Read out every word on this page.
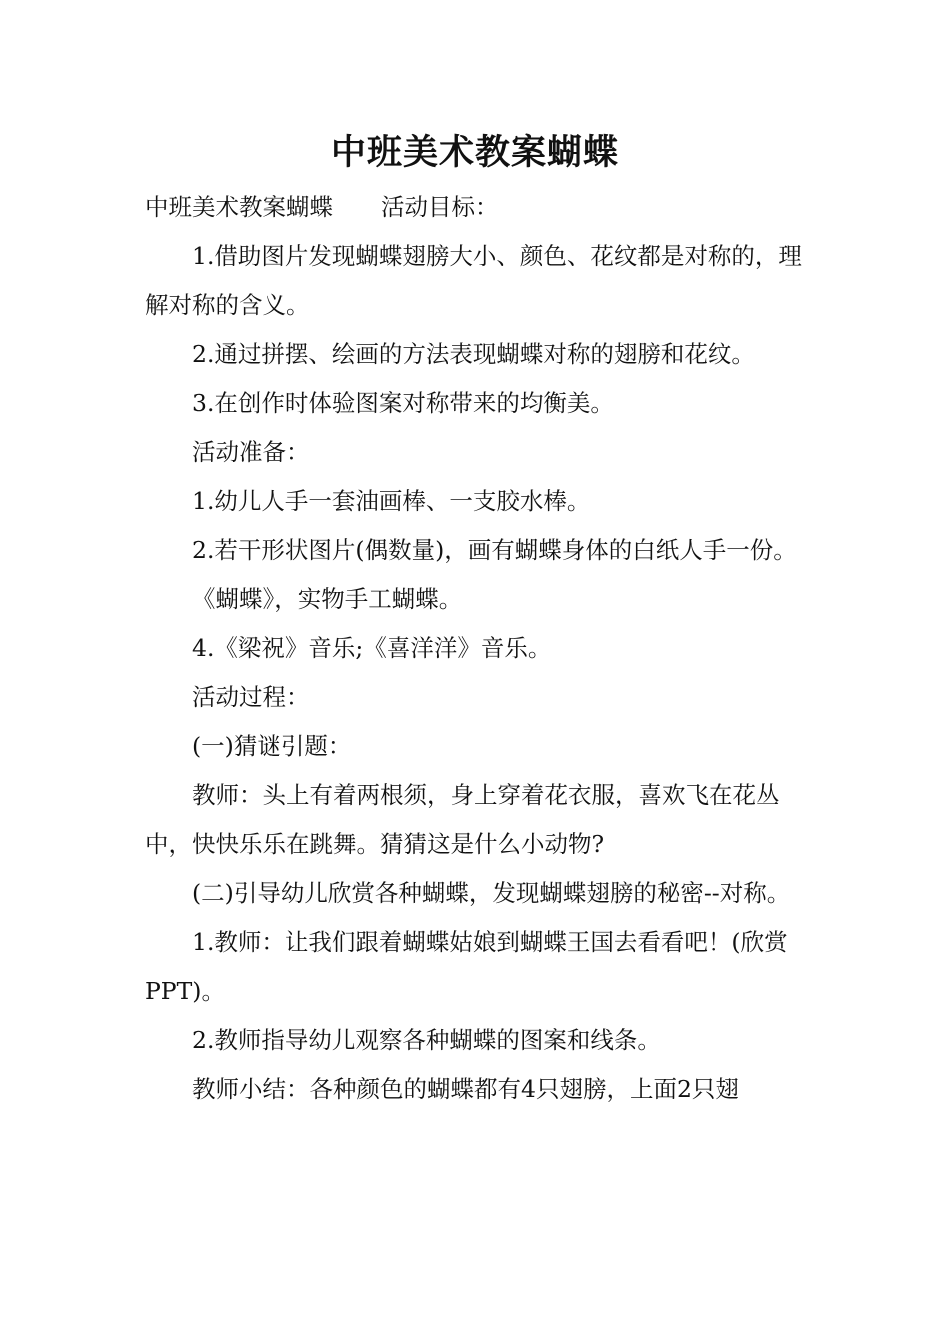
中班美术教案蝴蝶

中班美术教案蝴蝶 活动目标：

1.借助图片发现蝴蝶翅膀大小、颜色、花纹都是对称的，理解对称的含义。

2.通过拼摆、绘画的方法表现蝴蝶对称的翅膀和花纹。

3.在创作时体验图案对称带来的均衡美。

活动准备：

1.幼儿人手一套油画棒、一支胶水棒。

2.若干形状图片(偶数量)，画有蝴蝶身体的白纸人手一份。

《蝴蝶》，实物手工蝴蝶。

4.《梁祝》音乐;《喜洋洋》音乐。

活动过程：

(一)猜谜引题：

教师：头上有着两根须，身上穿着花衣服，喜欢飞在花丛中，快快乐乐在跳舞。猜猜这是什么小动物?

(二)引导幼儿欣赏各种蝴蝶，发现蝴蝶翅膀的秘密--对称。

1.教师：让我们跟着蝴蝶姑娘到蝴蝶王国去看看吧！(欣赏PPT)。

2.教师指导幼儿观察各种蝴蝶的图案和线条。

教师小结：各种颜色的蝴蝶都有4只翅膀，上面2只翅
